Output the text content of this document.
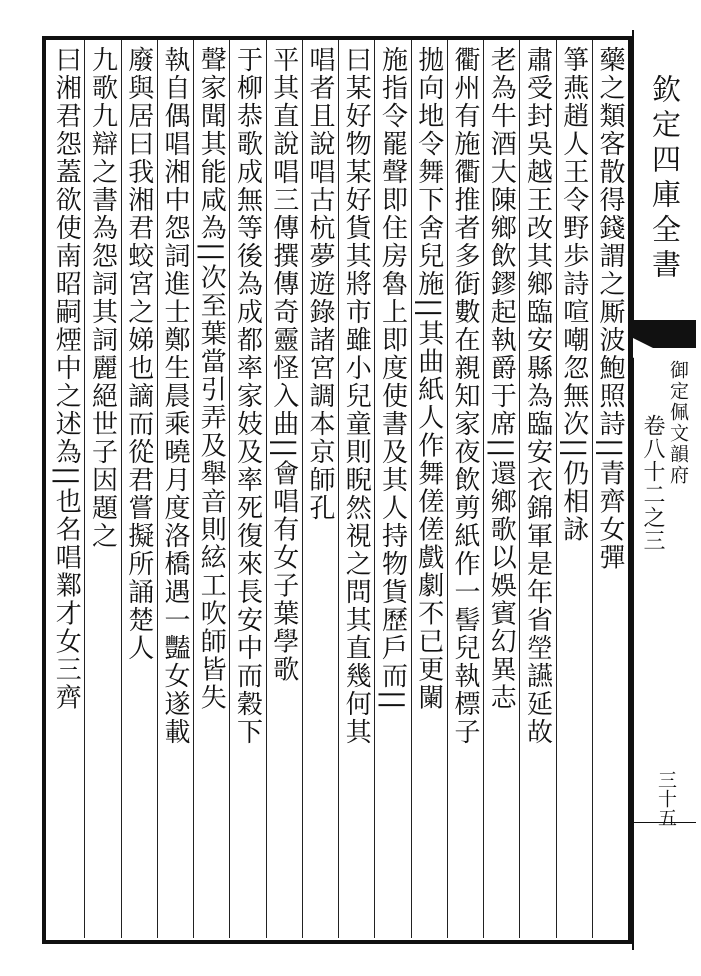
欽定四庫全書
御定佩文韻府
卷八十二之三
三十五
藥之類客散得錢謂之厮波鮑照詩||青齊女彈
箏燕趙人王令野歩詩喧嘲忽無次||仍相詠
肅受封吳越王改其鄉臨安縣為臨安衣錦軍是年省塋讌延故
老為牛酒大陳鄉飲鏐起執爵于席||還鄉歌以娛賓幻異志
衢州有施衢推者多衘數在親知家夜飲剪紙作一髻兒執標子
拋向地令舞下舍兒施||其曲紙人作舞傞傞戲劇不已更闌
施指令罷聲即住房魯上即度使書及其人持物貨歷戶而||
曰某好物某好貨其將市雖小兒童則睨然視之問其直幾何其
唱者且說唱古杭夢遊錄諸宮調本京師孔
平其直說唱三傳撰傳奇靈怪入曲||會唱有女子葉學歌
于柳恭歌成無等後為成都率家妓及率死復來長安中而穀下
聲家聞其能咸為||次至葉當引弄及舉音則絃工吹師皆失
執自偶唱湘中怨詞進士鄭生晨乘曉月度洛橋遇一豔女遂載
廢與居曰我湘君蛟宮之娣也謫而從君嘗擬所誦楚人
九歌九辯之書為怨詞其詞麗絕世子因題之
曰湘君怨蓋欲使南昭嗣煙中之述為||也名唱鄴才女三齊
